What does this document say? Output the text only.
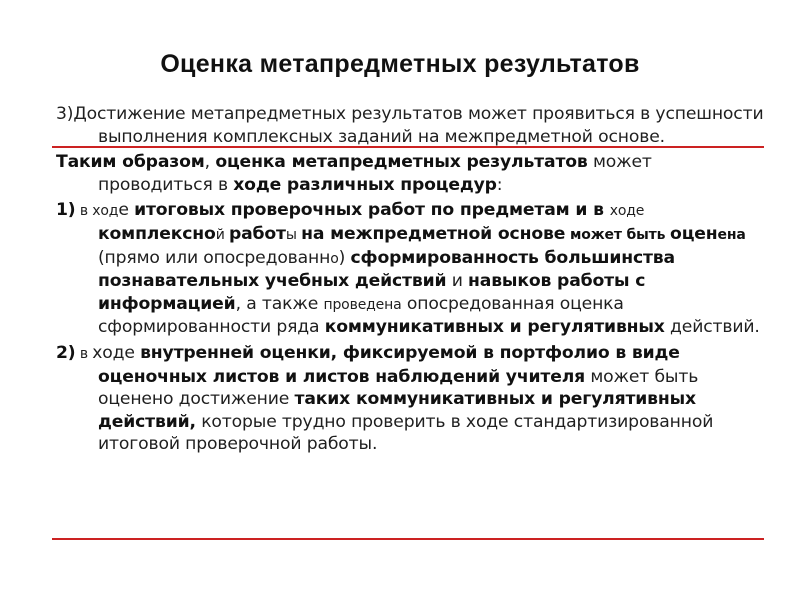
Оценка метапредметных результатов

3)Достижение метапредметных результатов может проявиться в успешности выполнения комплексных заданий на межпредметной основе.

Таким образом, оценка метапредметных результатов может проводиться в ходе различных процедур:

1) в ходе итоговых проверочных работ по предметам и в ходе комплексной работы на межпредметной основе может быть оценена (прямо или опосредованно) сформированность большинства познавательных учебных действий и навыков работы с информацией, а также проведена опосредованная оценка сформированности ряда коммуникативных и регулятивных действий.

2) в ходе внутренней оценки, фиксируемой в портфолио в виде оценочных листов и листов наблюдений учителя может быть оценено достижение таких коммуникативных и регулятивных действий, которые трудно проверить в ходе стандартизированной итоговой проверочной работы.
